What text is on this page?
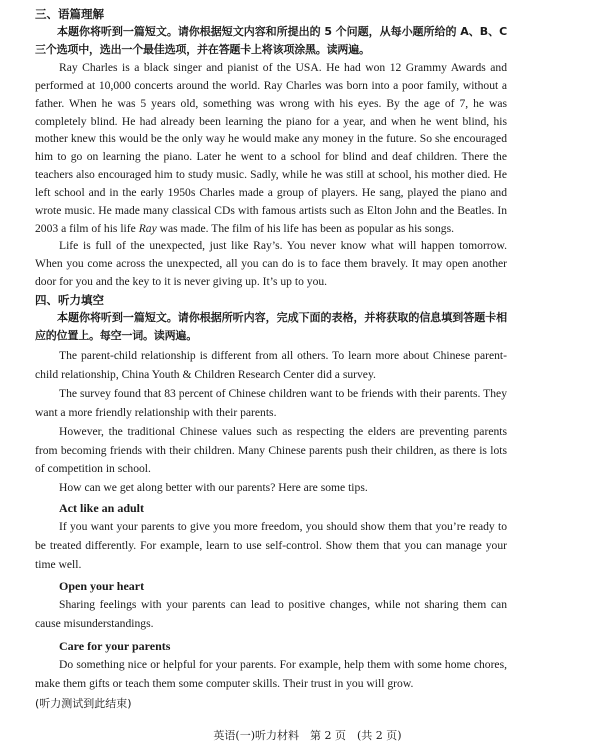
三、语篇理解

本题你将听到一篇短文。请你根据短文内容和所提出的 5 个问题，从每小题所给的 A、B、C 三个选项中，选出一个最佳选项，并在答题卡上将该项涂黑。读两遍。

Ray Charles is a black singer and pianist of the USA. He had won 12 Grammy Awards and performed at 10,000 concerts around the world. Ray Charles was born into a poor family, without a father. When he was 5 years old, something was wrong with his eyes. By the age of 7, he was completely blind. He had already been learning the piano for a year, and when he went blind, his mother knew this would be the only way he would make any money in the future. So she encouraged him to go on learning the piano. Later he went to a school for blind and deaf children. There the teachers also encouraged him to study music. Sadly, while he was still at school, his mother died. He left school and in the early 1950s Charles made a group of players. He sang, played the piano and wrote music. He made many classical CDs with famous artists such as Elton John and the Beatles. In 2003 a film of his life Ray was made. The film of his life has been as popular as his songs.

Life is full of the unexpected, just like Ray’s. You never know what will happen tomorrow. When you come across the unexpected, all you can do is to face them bravely. It may open another door for you and the key to it is never giving up. It’s up to you.

四、听力填空

本题你将听到一篇短文。请你根据所听内容，完成下面的表格，并将获取的信息填到答题卡相应的位置上。每空一词。读两遍。

The parent-child relationship is different from all others. To learn more about Chinese parent-child relationship, China Youth & Children Research Center did a survey.

The survey found that 83 percent of Chinese children want to be friends with their parents. They want a more friendly relationship with their parents.

However, the traditional Chinese values such as respecting the elders are preventing parents from becoming friends with their children. Many Chinese parents push their children, as there is lots of competition in school.

How can we get along better with our parents? Here are some tips.

Act like an adult

If you want your parents to give you more freedom, you should show them that you’re ready to be treated differently. For example, learn to use self-control. Show them that you can manage your time well.

Open your heart

Sharing feelings with your parents can lead to positive changes, while not sharing them can cause misunderstandings.

Care for your parents

Do something nice or helpful for your parents. For example, help them with some home chores, make them gifts or teach them some computer skills. Their trust in you will grow.

(听力测试到此结束)

英语(一)听力材料　第 2 页　(共 2 页)
